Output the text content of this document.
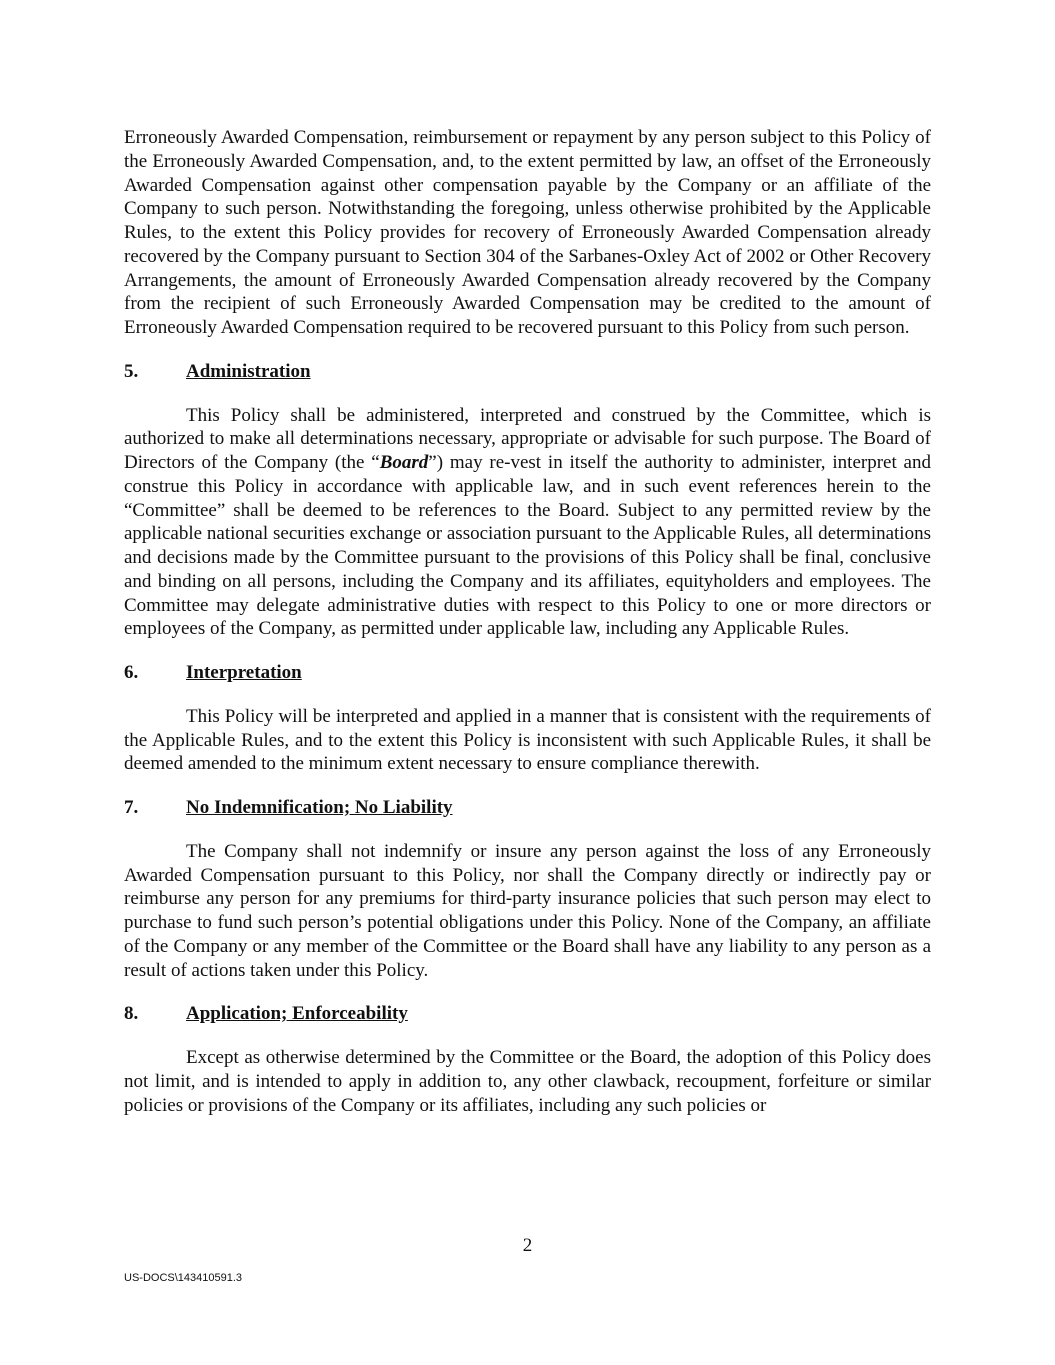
Erroneously Awarded Compensation, reimbursement or repayment by any person subject to this Policy of the Erroneously Awarded Compensation, and, to the extent permitted by law, an offset of the Erroneously Awarded Compensation against other compensation payable by the Company or an affiliate of the Company to such person. Notwithstanding the foregoing, unless otherwise prohibited by the Applicable Rules, to the extent this Policy provides for recovery of Erroneously Awarded Compensation already recovered by the Company pursuant to Section 304 of the Sarbanes-Oxley Act of 2002 or Other Recovery Arrangements, the amount of Erroneously Awarded Compensation already recovered by the Company from the recipient of such Erroneously Awarded Compensation may be credited to the amount of Erroneously Awarded Compensation required to be recovered pursuant to this Policy from such person.

5.	Administration

This Policy shall be administered, interpreted and construed by the Committee, which is authorized to make all determinations necessary, appropriate or advisable for such purpose. The Board of Directors of the Company (the “Board”) may re-vest in itself the authority to administer, interpret and construe this Policy in accordance with applicable law, and in such event references herein to the “Committee” shall be deemed to be references to the Board. Subject to any permitted review by the applicable national securities exchange or association pursuant to the Applicable Rules, all determinations and decisions made by the Committee pursuant to the provisions of this Policy shall be final, conclusive and binding on all persons, including the Company and its affiliates, equityholders and employees. The Committee may delegate administrative duties with respect to this Policy to one or more directors or employees of the Company, as permitted under applicable law, including any Applicable Rules.

6.	Interpretation

This Policy will be interpreted and applied in a manner that is consistent with the requirements of the Applicable Rules, and to the extent this Policy is inconsistent with such Applicable Rules, it shall be deemed amended to the minimum extent necessary to ensure compliance therewith.

7.	No Indemnification; No Liability

The Company shall not indemnify or insure any person against the loss of any Erroneously Awarded Compensation pursuant to this Policy, nor shall the Company directly or indirectly pay or reimburse any person for any premiums for third-party insurance policies that such person may elect to purchase to fund such person’s potential obligations under this Policy. None of the Company, an affiliate of the Company or any member of the Committee or the Board shall have any liability to any person as a result of actions taken under this Policy.

8.	Application; Enforceability

Except as otherwise determined by the Committee or the Board, the adoption of this Policy does not limit, and is intended to apply in addition to, any other clawback, recoupment, forfeiture or similar policies or provisions of the Company or its affiliates, including any such policies or

2
US-DOCS\143410591.3
